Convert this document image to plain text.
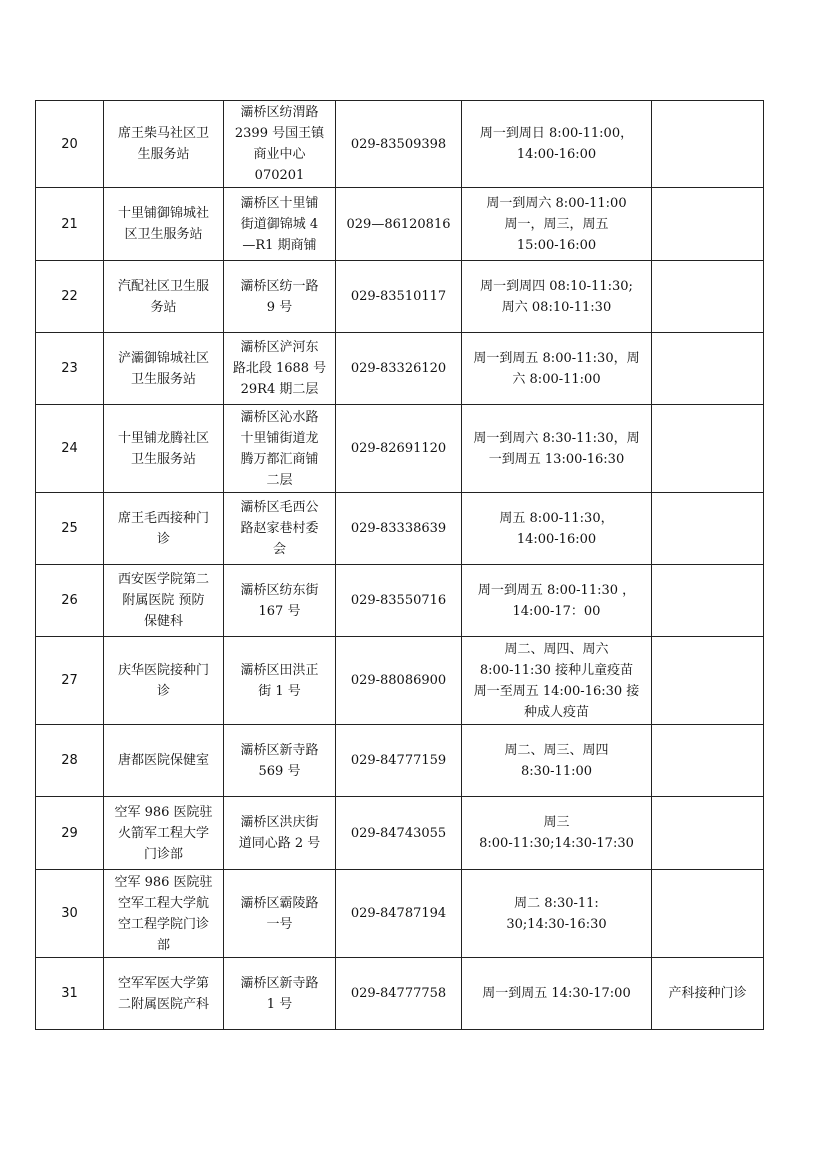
20	席王柴马社区卫
生服务站	灞桥区纺渭路
2399 号国王镇
商业中心
070201	029-83509398	周一到周日 8:00-11:00，
14:00-16:00	

21	十里铺御锦城社
区卫生服务站	灞桥区十里铺
街道御锦城 4
—R1 期商铺	029—86120816	周一到周六 8:00-11:00
周一，周三，周五
15:00-16:00	

22	汽配社区卫生服
务站	灞桥区纺一路
9 号	029-83510117	周一到周四 08:10-11:30;
周六 08:10-11:30	

23	浐灞御锦城社区
卫生服务站	灞桥区浐河东
路北段 1688 号
29R4 期二层	029-83326120	周一到周五 8:00-11:30，周
六 8:00-11:00	

24	十里铺龙腾社区
卫生服务站	灞桥区沁水路
十里铺街道龙
腾万都汇商铺
二层	029-82691120	周一到周六 8:30-11:30，周
一到周五 13:00-16:30	

25	席王毛西接种门
诊	灞桥区毛西公
路赵家巷村委
会	029-83338639	周五 8:00-11:30，
14:00-16:00	

26	西安医学院第二
附属医院 预防
保健科	灞桥区纺东街
167 号	029-83550716	周一到周五 8:00-11:30 ，
14:00-17：00	

27	庆华医院接种门
诊	灞桥区田洪正
街 1 号	029-88086900	周二、周四、周六
8:00-11:30 接种儿童疫苗
周一至周五 14:00-16:30 接
种成人疫苗	

28	唐都医院保健室	灞桥区新寺路
569 号	029-84777159	周二、周三、周四
8:30-11:00	

29	空军 986 医院驻
火箭军工程大学
门诊部	灞桥区洪庆街
道同心路 2 号	029-84743055	周三
8:00-11:30;14:30-17:30	

30	空军 986 医院驻
空军工程大学航
空工程学院门诊
部	灞桥区霸陵路
一号	029-84787194	周二 8:30-11:
30;14:30-16:30	

31	空军军医大学第
二附属医院产科	灞桥区新寺路
1 号	029-84777758	周一到周五 14:30-17:00	产科接种门诊
